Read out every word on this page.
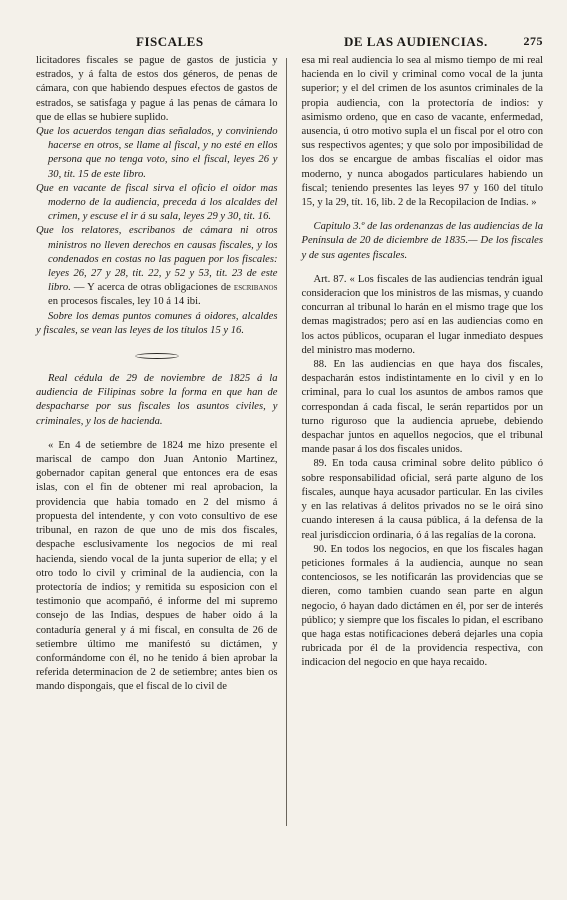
FISCALES	DE LAS AUDIENCIAS.	275

licitadores fiscales se pague de gastos de justicia y estrados, y á falta de estos dos géneros, de penas de cámara, con que habiendo despues efectos de gastos de estrados, se satisfaga y pague á las penas de cámara lo que de ellas se hubiere suplido.

Que los acuerdos tengan dias señalados, y conviniendo hacerse en otros, se llame al fiscal, y no esté en ellos persona que no tenga voto, sino el fiscal, leyes 26 y 30, tit. 15 de este libro.

Que en vacante de fiscal sirva el oficio el oidor mas moderno de la audiencia, preceda á los alcaldes del crimen, y escuse el ir á su sala, leyes 29 y 30, tit. 16.

Que los relatores, escribanos de cámara ni otros ministros no lleven derechos en causas fiscales, y los condenados en costas no las paguen por los fiscales: leyes 26, 27 y 28, tit. 22, y 52 y 53, tit. 23 de este libro. — Y acerca de otras obligaciones de escribanos en procesos fiscales, ley 10 á 14 ibi.

Sobre los demas puntos comunes á oidores, alcaldes y fiscales, se vean las leyes de los títulos 15 y 16.

Real cédula de 29 de noviembre de 1825 á la audiencia de Filipinas sobre la forma en que han de despacharse por sus fiscales los asuntos civiles, y criminales, y los de hacienda.

« En 4 de setiembre de 1824 me hizo presente el mariscal de campo don Juan Antonio Martinez, gobernador capitan general que entonces era de esas islas, con el fin de obtener mi real aprobacion, la providencia que habia tomado en 2 del mismo á propuesta del intendente, y con voto consultivo de ese tribunal, en razon de que uno de mis dos fiscales, despache esclusivamente los negocios de mi real hacienda, siendo vocal de la junta superior de ella; y el otro todo lo civil y criminal de la audiencia, con la protectoría de indios; y remitida su esposicion con el testimonio que acompañó, é informe del mi supremo consejo de las Indias, despues de haber oido á la contaduría general y á mi fiscal, en consulta de 26 de setiembre último me manifestó su dictámen, y conformándome con él, no he tenido á bien aprobar la referida determinacion de 2 de setiembre; antes bien os mando dispongais, que el fiscal de lo civil de

esa mi real audiencia lo sea al mismo tiempo de mi real hacienda en lo civil y criminal como vocal de la junta superior; y el del crimen de los asuntos criminales de la propia audiencia, con la protectoría de indios: y asimismo ordeno, que en caso de vacante, enfermedad, ausencia, ú otro motivo supla el un fiscal por el otro con sus respectivos agentes; y que solo por imposibilidad de los dos se encargue de ambas fiscalías el oidor mas moderno, y nunca abogados particulares habiendo un fiscal; teniendo presentes las leyes 97 y 160 del título 15, y la 29, tít. 16, lib. 2 de la Recopilacion de Indias. »

Capitulo 3.º de las ordenanzas de las audiencias de la Península de 20 de diciembre de 1835.— De los fiscales y de sus agentes fiscales.

Art. 87. « Los fiscales de las audiencias tendrán igual consideracion que los ministros de las mismas, y cuando concurran al tribunal lo harán en el mismo trage que los demas magistrados; pero así en las audiencias como en los actos públicos, ocuparan el lugar inmediato despues del ministro mas moderno.

88. En las audiencias en que haya dos fiscales, despacharán estos indistintamente en lo civil y en lo criminal, para lo cual los asuntos de ambos ramos que correspondan á cada fiscal, le serán repartidos por un turno riguroso que la audiencia apruebe, debiendo despachar juntos en aquellos negocios, que el tribunal mande pasar á los dos fiscales unidos.

89. En toda causa criminal sobre delito público ó sobre responsabilidad oficial, será parte alguno de los fiscales, aunque haya acusador particular. En las civiles y en las relativas á delitos privados no se le oirá sino cuando interesen á la causa pública, á la defensa de la real jurisdiccion ordinaria, ó á las regalías de la corona.

90. En todos los negocios, en que los fiscales hagan peticiones formales á la audiencia, aunque no sean contenciosos, se les notificarán las providencias que se dieren, como tambien cuando sean parte en algun negocio, ó hayan dado dictámen en él, por ser de interés público; y siempre que los fiscales lo pidan, el escribano que haga estas notificaciones deberá dejarles una copia rubricada por él de la providencia respectiva, con indicacion del negocio en que haya recaido.
